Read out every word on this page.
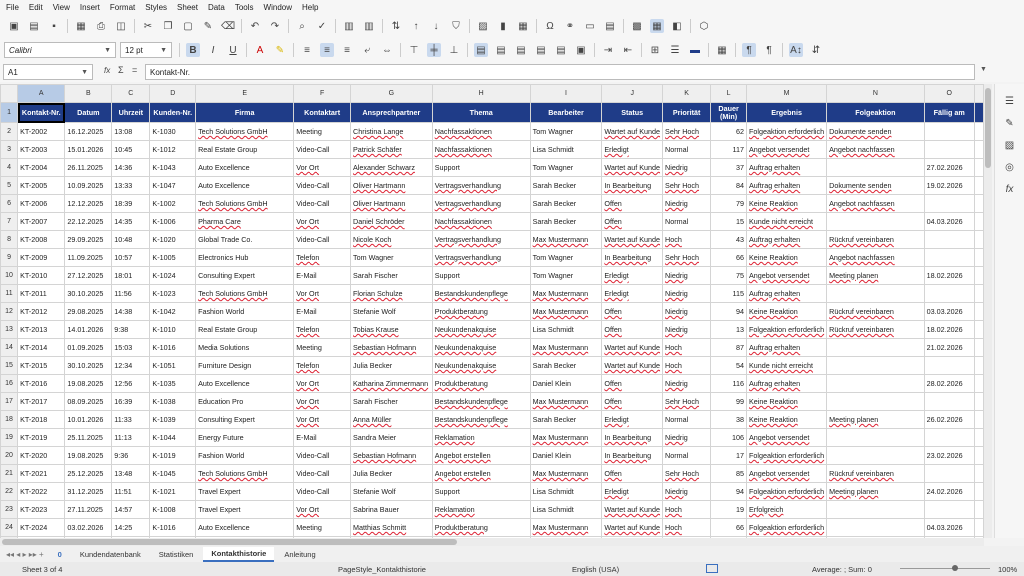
File Edit View Insert Format Styles Sheet Data Tools Window Help
▣ ▤	▪	▦	⎙	◫ ✂ ❐ ▢ ✎ ⌫ ↶ ↷	⌕	✓ ▥ ▥ ⇅	↑	↓	⛉	▨	▮	▦	Ω	⚭ ▭ ▤ ▩ ▦ ◧ ⬡
Calibri	▼ 12 pt ▼	B	I	U	A	✎	≡	≡	≡	⤶	⇔ ⊤	╪	⊥ ▤ ▤ ▤ ▤ ▤ ▣ ⇥ ⇤ ⊞ ☰ ▬ ▦	¶	¶	A↕ ⇵
A1	▼ fx Σ = Kontakt-Nr.	▼
	A	B	C	D	E	F	G	H	I	J	K	L	M	N	O	
1	Kontakt-Nr.	Datum	Uhrzeit	Kunden-Nr.	Firma	Kontaktart	Ansprechpartner	Thema	Bearbeiter	Status	Priorität	Dauer (Min)	Ergebnis	Folgeaktion	Fällig am	
2	KT-2002	16.12.2025	13:08	K-1030	Tech Solutions GmbH	Meeting	Christina Lange	Nachfassaktionen	Tom Wagner	Wartet auf Kunde	Sehr Hoch	62	Folgeaktion erforderlich	Dokumente senden		
3	KT-2003	15.01.2026	10:45	K-1012	Real Estate Group	Video-Call	Patrick Schäfer	Nachfassaktionen	Lisa Schmidt	Erledigt	Normal	117	Angebot versendet	Angebot nachfassen		
4	KT-2004	26.11.2025	14:36	K-1043	Auto Excellence	Vor Ort	Alexander Schwarz	Support	Tom Wagner	Wartet auf Kunde	Niedrig	37	Auftrag erhalten		27.02.2026	
5	KT-2005	10.09.2025	13:33	K-1047	Auto Excellence	Video-Call	Oliver Hartmann	Vertragsverhandlung	Sarah Becker	In Bearbeitung	Sehr Hoch	84	Auftrag erhalten	Dokumente senden	19.02.2026	
6	KT-2006	12.12.2025	18:39	K-1002	Tech Solutions GmbH	Video-Call	Oliver Hartmann	Vertragsverhandlung	Sarah Becker	Offen	Niedrig	79	Keine Reaktion	Angebot nachfassen		
7	KT-2007	22.12.2025	14:35	K-1006	Pharma Care	Vor Ort	Daniel Schröder	Nachfassaktionen	Sarah Becker	Offen	Normal	15	Kunde nicht erreicht		04.03.2026	
8	KT-2008	29.09.2025	10:48	K-1020	Global Trade Co.	Video-Call	Nicole Koch	Vertragsverhandlung	Max Mustermann	Wartet auf Kunde	Hoch	43	Auftrag erhalten	Rückruf vereinbaren		
9	KT-2009	11.09.2025	10:57	K-1005	Electronics Hub	Telefon	Tom Wagner	Vertragsverhandlung	Tom Wagner	In Bearbeitung	Sehr Hoch	66	Keine Reaktion	Angebot nachfassen		
10	KT-2010	27.12.2025	18:01	K-1024	Consulting Expert	E-Mail	Sarah Fischer	Support	Tom Wagner	Erledigt	Niedrig	75	Angebot versendet	Meeting planen	18.02.2026	
11	KT-2011	30.10.2025	11:56	K-1023	Tech Solutions GmbH	Vor Ort	Florian Schulze	Bestandskundenpflege	Max Mustermann	Erledigt	Niedrig	115	Auftrag erhalten			
12	KT-2012	29.08.2025	14:38	K-1042	Fashion World	E-Mail	Stefanie Wolf	Produktberatung	Max Mustermann	Offen	Niedrig	94	Keine Reaktion	Rückruf vereinbaren	03.03.2026	
13	KT-2013	14.01.2026	9:38	K-1010	Real Estate Group	Telefon	Tobias Krause	Neukundenakquise	Lisa Schmidt	Offen	Niedrig	13	Folgeaktion erforderlich	Rückruf vereinbaren	18.02.2026	
14	KT-2014	01.09.2025	15:03	K-1016	Media Solutions	Meeting	Sebastian Hofmann	Neukundenakquise	Max Mustermann	Wartet auf Kunde	Hoch	87	Auftrag erhalten		21.02.2026	
15	KT-2015	30.10.2025	12:34	K-1051	Furniture Design	Telefon	Julia Becker	Neukundenakquise	Sarah Becker	Wartet auf Kunde	Hoch	54	Kunde nicht erreicht			
16	KT-2016	19.08.2025	12:56	K-1035	Auto Excellence	Vor Ort	Katharina Zimmermann	Produktberatung	Daniel Klein	Offen	Niedrig	116	Auftrag erhalten		28.02.2026	
17	KT-2017	08.09.2025	16:39	K-1038	Education Pro	Vor Ort	Sarah Fischer	Bestandskundenpflege	Max Mustermann	Offen	Sehr Hoch	99	Keine Reaktion			
18	KT-2018	10.01.2026	11:33	K-1039	Consulting Expert	Vor Ort	Anna Müller	Bestandskundenpflege	Sarah Becker	Erledigt	Normal	38	Keine Reaktion	Meeting planen	26.02.2026	
19	KT-2019	25.11.2025	11:13	K-1044	Energy Future	E-Mail	Sandra Meier	Reklamation	Max Mustermann	In Bearbeitung	Niedrig	106	Angebot versendet			
20	KT-2020	19.08.2025	9:36	K-1019	Fashion World	Video-Call	Sebastian Hofmann	Angebot erstellen	Daniel Klein	In Bearbeitung	Normal	17	Folgeaktion erforderlich		23.02.2026	
21	KT-2021	25.12.2025	13:48	K-1045	Tech Solutions GmbH	Video-Call	Julia Becker	Angebot erstellen	Max Mustermann	Offen	Sehr Hoch	85	Angebot versendet	Rückruf vereinbaren		
22	KT-2022	31.12.2025	11:51	K-1021	Travel Expert	Video-Call	Stefanie Wolf	Support	Lisa Schmidt	Erledigt	Niedrig	94	Folgeaktion erforderlich	Meeting planen	24.02.2026	
23	KT-2023	27.11.2025	14:57	K-1008	Travel Expert	Vor Ort	Sabrina Bauer	Reklamation	Lisa Schmidt	Wartet auf Kunde	Hoch	19	Erfolgreich			
24	KT-2024	03.02.2026	14:25	K-1016	Auto Excellence	Meeting	Matthias Schmitt	Produktberatung	Max Mustermann	Wartet auf Kunde	Hoch	66	Folgeaktion erforderlich		04.03.2026	

☰
✎
▨
◎
fx
◂◂ ◂ ▸ ▸▸ +	0	Kundendatenbank	Statistiken	Kontakthistorie	Anleitung
Sheet 3 of 4	PageStyle_Kontakthistorie	English (USA)	Average: ; Sum: 0	100%
